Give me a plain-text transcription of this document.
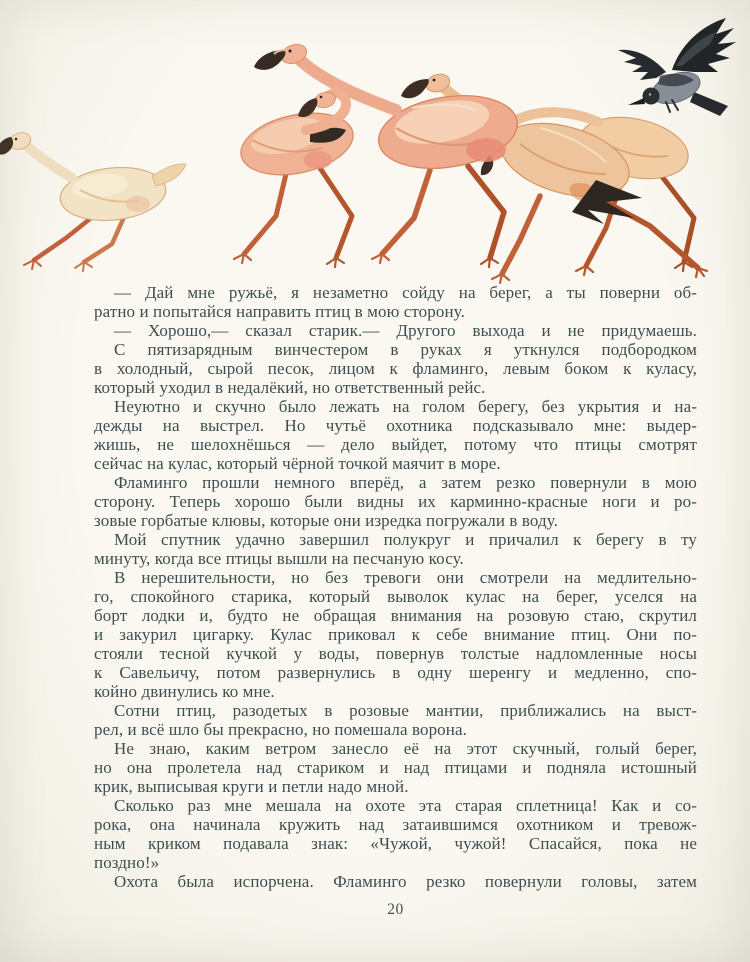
— Дай мне ружьё, я незаметно сойду на берег, а ты поверни об-
ратно и попытайся направить птиц в мою сторону.

— Хорошо,— сказал старик.— Другого выхода и не придумаешь.

С пятизарядным винчестером в руках я уткнулся подбородком
в холодный, сырой песок, лицом к фламинго, левым боком к куласу,
который уходил в недалёкий, но ответственный рейс.

Неуютно и скучно было лежать на голом берегу, без укрытия и на-
дежды на выстрел. Но чутьё охотника подсказывало мне: выдер-
жишь, не шелохнёшься — дело выйдет, потому что птицы смотрят
сейчас на кулас, который чёрной точкой маячит в море.

Фламинго прошли немного вперёд, а затем резко повернули в мою
сторону. Теперь хорошо были видны их карминно-красные ноги и ро-
зовые горбатые клювы, которые они изредка погружали в воду.

Мой спутник удачно завершил полукруг и причалил к берегу в ту
минуту, когда все птицы вышли на песчаную косу.

В нерешительности, но без тревоги они смотрели на медлительно-
го, спокойного старика, который выволок кулас на берег, уселся на
борт лодки и, будто не обращая внимания на розовую стаю, скрутил
и закурил цигарку. Кулас приковал к себе внимание птиц. Они по-
стояли тесной кучкой у воды, повернув толстые надломленные носы
к Савельичу, потом развернулись в одну шеренгу и медленно, спо-
койно двинулись ко мне.

Сотни птиц, разодетых в розовые мантии, приближались на выст-
рел, и всё шло бы прекрасно, но помешала ворона.

Не знаю, каким ветром занесло её на этот скучный, голый берег,
но она пролетела над стариком и над птицами и подняла истошный
крик, выписывая круги и петли надо мной.

Сколько раз мне мешала на охоте эта старая сплетница! Как и со-
рока, она начинала кружить над затаившимся охотником и тревож-
ным криком подавала знак: «Чужой, чужой! Спасайся, пока не
поздно!»

Охота была испорчена. Фламинго резко повернули головы, затем

20
